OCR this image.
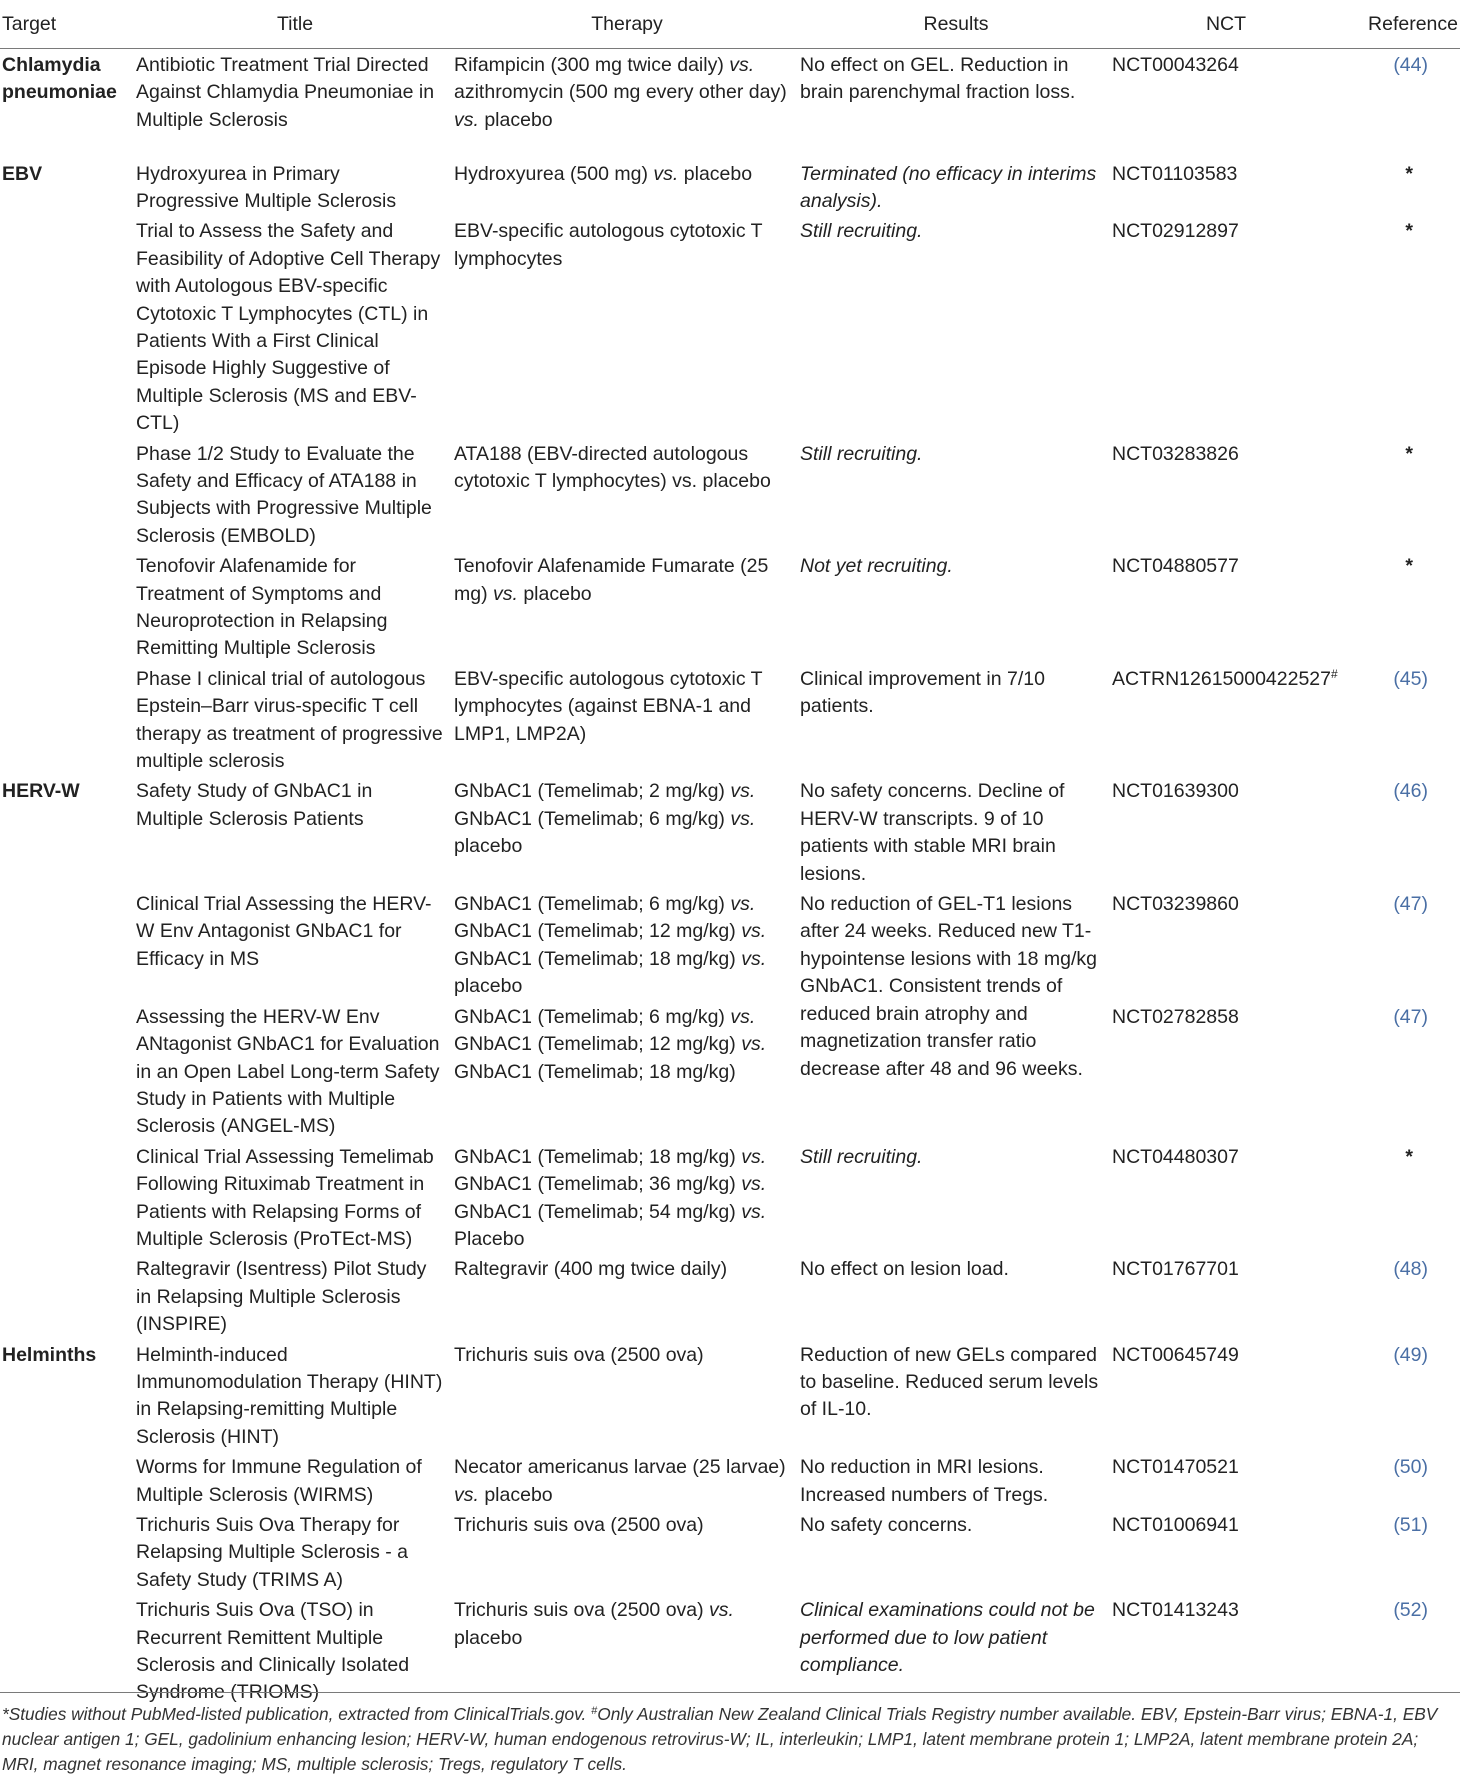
Target	Title	Therapy	Results	NCT	Reference
Chlamydia pneumoniae	Antibiotic Treatment Trial Directed Against Chlamydia Pneumoniae in Multiple Sclerosis	Rifampicin (300 mg twice daily) vs. azithromycin (500 mg every other day) vs. placebo	No effect on GEL. Reduction in brain parenchymal fraction loss.	NCT00043264	(44)
EBV	Hydroxyurea in Primary Progressive Multiple Sclerosis	Hydroxyurea (500 mg) vs. placebo	Terminated (no efficacy in interims analysis).	NCT01103583	*
	Trial to Assess the Safety and Feasibility of Adoptive Cell Therapy with Autologous EBV-specific Cytotoxic T Lymphocytes (CTL) in Patients With a First Clinical Episode Highly Suggestive of Multiple Sclerosis (MS and EBV-CTL)	EBV-specific autologous cytotoxic T lymphocytes	Still recruiting.	NCT02912897	*
	Phase 1/2 Study to Evaluate the Safety and Efficacy of ATA188 in Subjects with Progressive Multiple Sclerosis (EMBOLD)	ATA188 (EBV-directed autologous cytotoxic T lymphocytes) vs. placebo	Still recruiting.	NCT03283826	*
	Tenofovir Alafenamide for Treatment of Symptoms and Neuroprotection in Relapsing Remitting Multiple Sclerosis	Tenofovir Alafenamide Fumarate (25 mg) vs. placebo	Not yet recruiting.	NCT04880577	*
	Phase I clinical trial of autologous Epstein–Barr virus-specific T cell therapy as treatment of progressive multiple sclerosis	EBV-specific autologous cytotoxic T lymphocytes (against EBNA-1 and LMP1, LMP2A)	Clinical improvement in 7/10 patients.	ACTRN12615000422527#	(45)
HERV-W	Safety Study of GNbAC1 in Multiple Sclerosis Patients	GNbAC1 (Temelimab; 2 mg/kg) vs. GNbAC1 (Temelimab; 6 mg/kg) vs. placebo	No safety concerns. Decline of HERV-W transcripts. 9 of 10 patients with stable MRI brain lesions.	NCT01639300	(46)
	Clinical Trial Assessing the HERV-W Env Antagonist GNbAC1 for Efficacy in MS	GNbAC1 (Temelimab; 6 mg/kg) vs. GNbAC1 (Temelimab; 12 mg/kg) vs. GNbAC1 (Temelimab; 18 mg/kg) vs. placebo	No reduction of GEL-T1 lesions after 24 weeks. Reduced new T1-hypointense lesions with 18 mg/kg GNbAC1. Consistent trends of reduced brain atrophy and magnetization transfer ratio decrease after 48 and 96 weeks.	NCT03239860	(47)
	Assessing the HERV-W Env ANtagonist GNbAC1 for Evaluation in an Open Label Long-term Safety Study in Patients with Multiple Sclerosis (ANGEL-MS)	GNbAC1 (Temelimab; 6 mg/kg) vs. GNbAC1 (Temelimab; 12 mg/kg) vs. GNbAC1 (Temelimab; 18 mg/kg)		NCT02782858	(47)
	Clinical Trial Assessing Temelimab Following Rituximab Treatment in Patients with Relapsing Forms of Multiple Sclerosis (ProTEct-MS)	GNbAC1 (Temelimab; 18 mg/kg) vs. GNbAC1 (Temelimab; 36 mg/kg) vs. GNbAC1 (Temelimab; 54 mg/kg) vs. Placebo	Still recruiting.	NCT04480307	*
	Raltegravir (Isentress) Pilot Study in Relapsing Multiple Sclerosis (INSPIRE)	Raltegravir (400 mg twice daily)	No effect on lesion load.	NCT01767701	(48)
Helminths	Helminth-induced Immunomodulation Therapy (HINT) in Relapsing-remitting Multiple Sclerosis (HINT)	Trichuris suis ova (2500 ova)	Reduction of new GELs compared to baseline. Reduced serum levels of IL-10.	NCT00645749	(49)
	Worms for Immune Regulation of Multiple Sclerosis (WIRMS)	Necator americanus larvae (25 larvae) vs. placebo	No reduction in MRI lesions. Increased numbers of Tregs.	NCT01470521	(50)
	Trichuris Suis Ova Therapy for Relapsing Multiple Sclerosis - a Safety Study (TRIMS A)	Trichuris suis ova (2500 ova)	No safety concerns.	NCT01006941	(51)
	Trichuris Suis Ova (TSO) in Recurrent Remittent Multiple Sclerosis and Clinically Isolated Syndrome (TRIOMS)	Trichuris suis ova (2500 ova) vs. placebo	Clinical examinations could not be performed due to low patient compliance.	NCT01413243	(52)
*Studies without PubMed-listed publication, extracted from ClinicalTrials.gov. #Only Australian New Zealand Clinical Trials Registry number available. EBV, Epstein-Barr virus; EBNA-1, EBV nuclear antigen 1; GEL, gadolinium enhancing lesion; HERV-W, human endogenous retrovirus-W; IL, interleukin; LMP1, latent membrane protein 1; LMP2A, latent membrane protein 2A; MRI, magnet resonance imaging; MS, multiple sclerosis; Tregs, regulatory T cells.
